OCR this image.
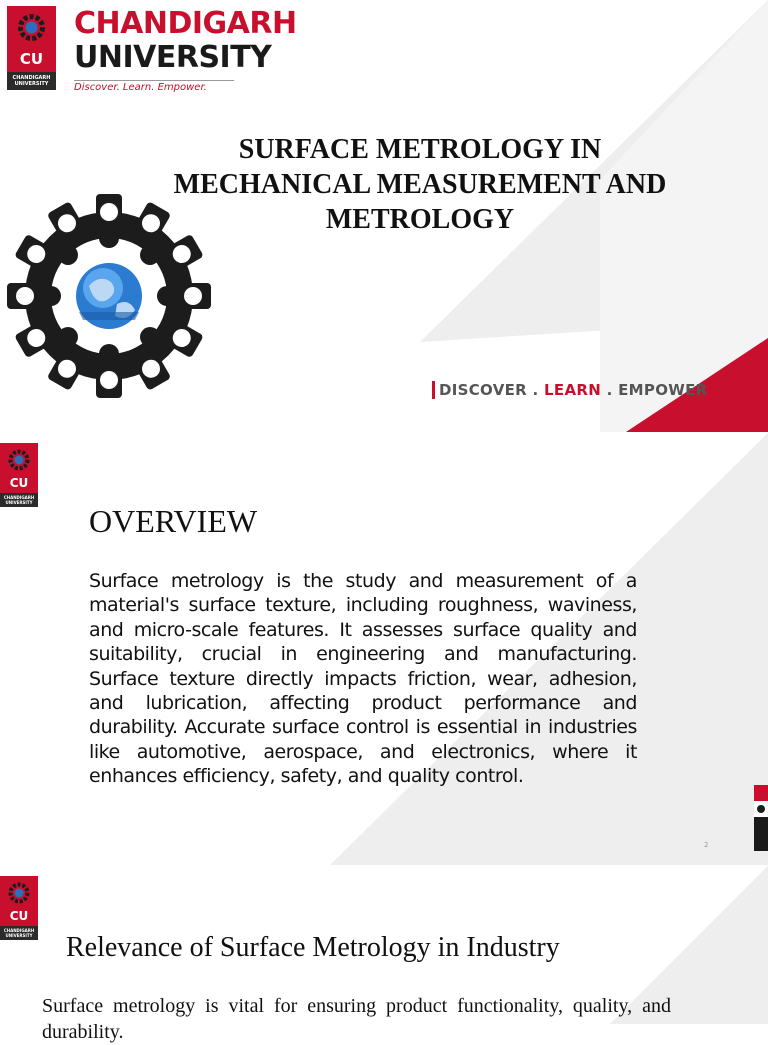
CU
CHANDIGARH UNIVERSITY
CHANDIGARH
UNIVERSITY
Discover. Learn. Empower.
SURFACE METROLOGY IN MECHANICAL MEASUREMENT AND METROLOGY
DISCOVER . LEARN . EMPOWER
CU
CHANDIGARH UNIVERSITY
OVERVIEW
Surface metrology is the study and measurement of a material's surface texture, including roughness, waviness, and micro-scale features. It assesses surface quality and suitability, crucial in engineering and manufacturing. Surface texture directly impacts friction, wear, adhesion, and lubrication, affecting product performance and durability. Accurate surface control is essential in industries like automotive, aerospace, and electronics, where it enhances efficiency, safety, and quality control.
2
CU
CHANDIGARH UNIVERSITY Relevance of Surface Metrology in Industry
Surface metrology is vital for ensuring product functionality, quality, and durability.
